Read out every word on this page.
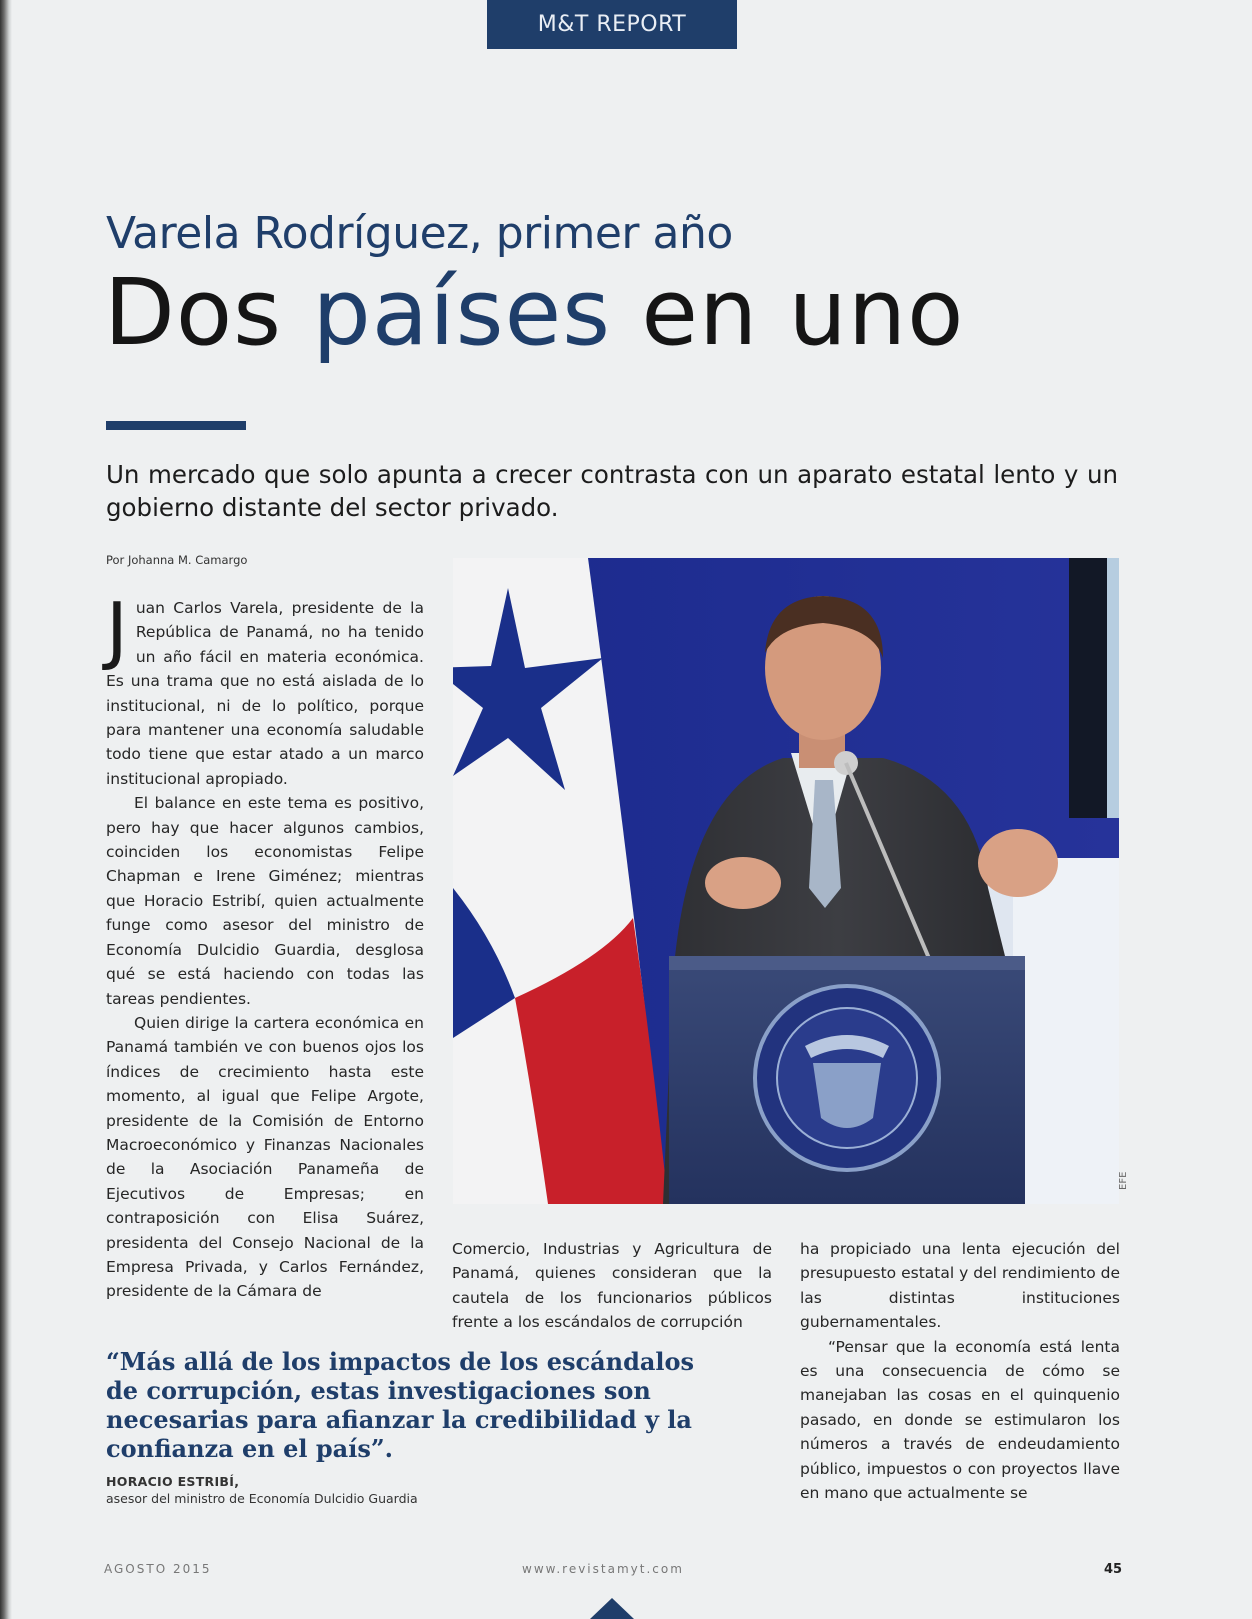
M&T REPORT
Varela Rodríguez, primer año
Dos países en uno
Un mercado que solo apunta a crecer contrasta con un aparato estatal lento y un gobierno distante del sector privado.
Por Johanna M. Camargo

Juan Carlos Varela, presidente de la República de Panamá, no ha tenido un año fácil en materia económica. Es una trama que no está aislada de lo institucional, ni de lo político, porque para mantener una economía saludable todo tiene que estar atado a un marco institucional apropiado.

El balance en este tema es positivo, pero hay que hacer algunos cambios, coinciden los economistas Felipe Chapman e Irene Giménez; mientras que Horacio Estribí, quien actualmente funge como asesor del ministro de Economía Dulcidio Guardia, desglosa qué se está haciendo con todas las tareas pendientes.

Quien dirige la cartera económica en Panamá también ve con buenos ojos los índices de crecimiento hasta este momento, al igual que Felipe Argote, presidente de la Comisión de Entorno Macroeconómico y Finanzas Nacionales de la Asociación Panameña de Ejecutivos de Empresas; en contraposición con Elisa Suárez, presidenta del Consejo Nacional de la Empresa Privada, y Carlos Fernández, presidente de la Cámara de

EFE

Comercio, Industrias y Agricultura de Panamá, quienes consideran que la cautela de los funcionarios públicos frente a los escándalos de corrupción

ha propiciado una lenta ejecución del presupuesto estatal y del rendimiento de las distintas instituciones gubernamentales.

“Pensar que la economía está lenta es una consecuencia de cómo se manejaban las cosas en el quinquenio pasado, en donde se estimularon los números a través de endeudamiento público, impuestos o con proyectos llave en mano que actualmente se

“Más allá de los impactos de los escándalos de corrupción, estas investigaciones son necesarias para afianzar la credibilidad y la confianza en el país”.
HORACIO ESTRIBÍ,
asesor del ministro de Economía Dulcidio Guardia
AGOSTO 2015	www.revistamyt.com	45
